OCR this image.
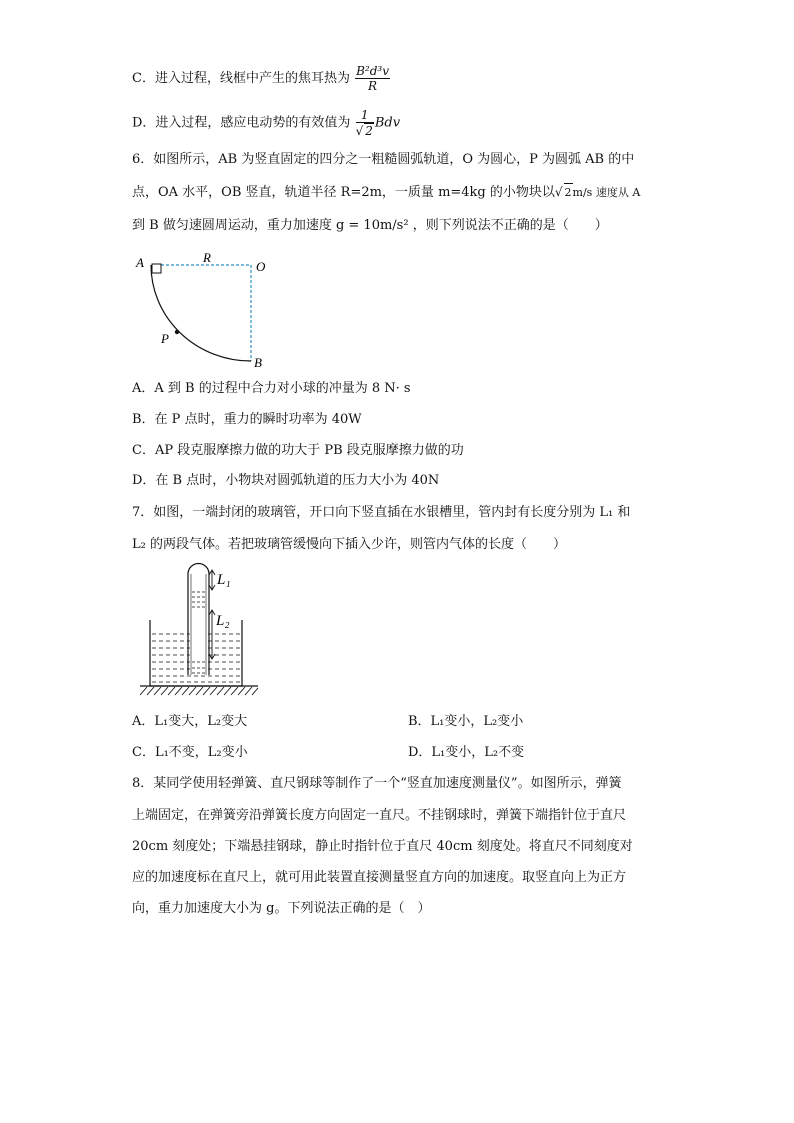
C．进入过程，线框中产生的焦耳热为 $\frac{\text{B²d³v}}{R}$
D．进入过程，感应电动势的有效值为 $\frac{1}{√ 2}$ Bdv
6．如图所示，AB 为竖直固定的四分之一粗糙圆弧轨道，O 为圆心，P 为圆弧 AB 的中
点，OA 水平，OB 竖直，轨道半径 R=2m，一质量 m=4kg 的小物块以√ 2m/s 速度从 A
到 B 做匀速圆周运动，重力加速度 g = 10m/s² ，则下列说法不正确的是（　　）
A	R
O
P
B
A．A 到 B 的过程中合力对小球的冲量为 8 N· s
B．在 P 点时，重力的瞬时功率为 40W
C．AP 段克服摩擦力做的功大于 PB 段克服摩擦力做的功
D．在 B 点时，小物块对圆弧轨道的压力大小为 40N
7．如图，一端封闭的玻璃管，开口向下竖直插在水银槽里，管内封有长度分别为 L₁ 和
L₂ 的两段气体。若把玻璃管缓慢向下插入少许，则管内气体的长度（　　）
L₁
L₂
A．L₁变大，L₂变大	B．L₁变小，L₂变小
C．L₁不变，L₂变小	D．L₁变小，L₂不变
8．某同学使用轻弹簧、直尺钢球等制作了一个“竖直加速度测量仪”。如图所示，弹簧
上端固定，在弹簧旁沿弹簧长度方向固定一直尺。不挂钢球时，弹簧下端指针位于直尺
20cm 刻度处；下端悬挂钢球，静止时指针位于直尺 40cm 刻度处。将直尺不同刻度对
应的加速度标在直尺上，就可用此装置直接测量竖直方向的加速度。取竖直向上为正方
向，重力加速度大小为 g。下列说法正确的是（　）
